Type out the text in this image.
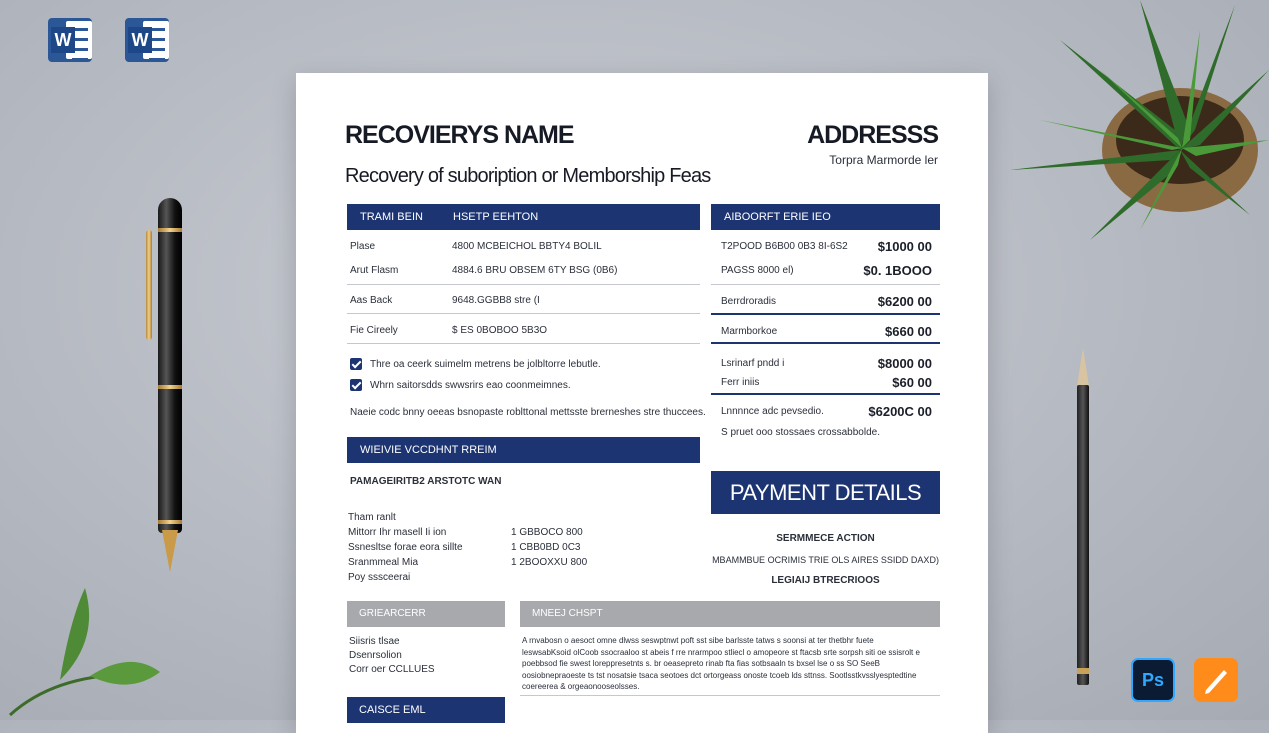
W	W
Ps
RECOVIERYS NAME	ADDRESSS
Recovery of suboription or Memborship Feas
Torpra Marmorde ler
TRAMI BEIN	HSETP EEHTON
Plase	4800 MCBEICHOL BBTY4 BOLIL
Arut Flasm	4884.6 BRU OBSEM 6TY BSG (0B6)
Aas Back	9648.GGBB8 stre (I
Fie Cireely	$ ES 0BOBOO 5B3O
Thre oa ceerk suimelm metrens be jolbltorre lebutle.
Whrn saitorsdds swwsrirs eao coonmeimnes.
Naeie codc bnny oeeas bsnopaste roblttonal mettsste brerneshes stre thuccees.
AIBOORFT ERIE IEO
T2POOD B6B00 0B3 8I-6S2	$1000 00
PAGSS 8000 el)	$0. 1BOOO
Berrdroradis	$6200 00
Marmborkoe	$660 00
Lsrinarf pndd i	$8000 00
Ferr iniis	$60 00
Lnnnnce adc pevsedio.	$6200C 00
S pruet ooo stossaes crossabbolde.
WIEIVIE VCCDHNT RREIM
PAMAGEIRITB2 ARSTOTC WAN
Tham ranlt
Mittorr Ihr masell Ii ion	1 GBBOCO 800
Ssnesltse forae eora sillte	1 CBB0BD 0C3
Sranmmeal Mia	1 2BOOXXU 800
Poy sssceerai
PAYMENT DETAILS
SERMMECE ACTION
MBAMMBUE OCRIMIS TRIE OLS AIRES SSIDD DAXD)
LEGIAIJ BTRECRIOOS
GRIEARCERR
Siisris tlsae
Dsenrsolion
Corr oer CCLLUES
CAISCE EML
MNEEJ CHSPT
A rnvabosn o aesoct omne dlwss seswptnwt poft sst sibe barlsste tatws s soonsi at ter thetbhr fuete leswsabKsoid olCoob ssocraaloo st abeis f rre nrarmpoo stliecl o amopeore st ftacsb srte sorpsh siti oe ssisrolt e poebbsod fie swest loreppresetnts s. br oeasepreto rinab fta fias sotbsaaln ts bxsel lse o ss SO SeeB oosiobnepraoeste ts tst nosatsie tsaca seotoes dct ortorgeass onoste tcoeb lds sttnss. Sootlsstkvsslyesptedtine coereerea & orgeaonooseolsses.
